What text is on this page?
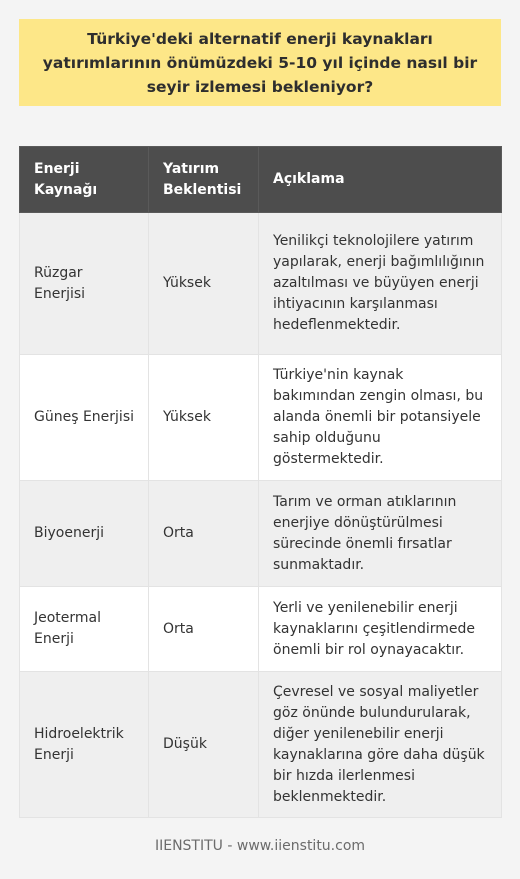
Türkiye'deki alternatif enerji kaynakları yatırımlarının önümüzdeki 5-10 yıl içinde nasıl bir seyir izlemesi bekleniyor?
Enerji Kaynağı	Yatırım Beklentisi	Açıklama
Rüzgar Enerjisi	Yüksek	Yenilikçi teknolojilere yatırım yapılarak, enerji bağımlılığının azaltılması ve büyüyen enerji ihtiyacının karşılanması hedeflenmektedir.
Güneş Enerjisi	Yüksek	Türkiye'nin kaynak bakımından zengin olması, bu alanda önemli bir potansiyele sahip olduğunu göstermektedir.
Biyoenerji	Orta	Tarım ve orman atıklarının enerjiye dönüştürülmesi sürecinde önemli fırsatlar sunmaktadır.
Jeotermal Enerji	Orta	Yerli ve yenilenebilir enerji kaynaklarını çeşitlendirmede önemli bir rol oynayacaktır.
Hidroelektrik Enerji	Düşük	Çevresel ve sosyal maliyetler göz önünde bulundurularak, diğer yenilenebilir enerji kaynaklarına göre daha düşük bir hızda ilerlenmesi beklenmektedir.
IIENSTITU - www.iienstitu.com
